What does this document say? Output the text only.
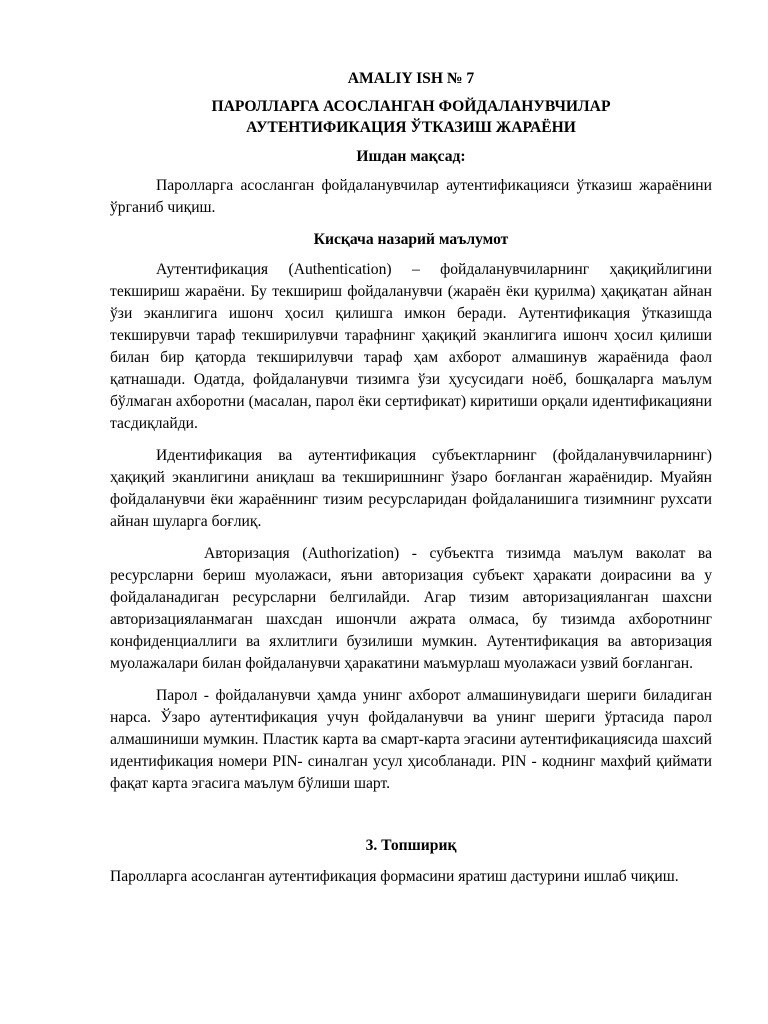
AMALIY ISH № 7
ПАРОЛЛАРГА АСОСЛАНГАН ФОЙДАЛАНУВЧИЛАР
АУТЕНТИФИКАЦИЯ ЎТКАЗИШ ЖАРАЁНИ
Ишдан мақсад:

Паролларга асосланган фойдаланувчилар аутентификацияси ўтказиш жараёнини ўрганиб чиқиш.

Кисқача назарий маълумот

Аутентификация (Authentication) – фойдаланувчиларнинг ҳақиқийлигини текшириш жараёни. Бу текшириш фойдаланувчи (жараён ёки қурилма) ҳақиқатан айнан ўзи эканлигига ишонч ҳосил қилишга имкон беради. Аутентификация ўтказишда текширувчи тараф текширилувчи тарафнинг ҳақиқий эканлигига ишонч ҳосил қилиши билан бир қаторда текширилувчи тараф ҳам ахборот алмашинув жараёнида фаол қатнашади. Одатда, фойдаланувчи тизимга ўзи ҳусусидаги ноёб, бошқаларга маълум бўлмаган ахборотни (масалан, парол ёки сертификат) киритиши орқали идентификацияни тасдиқлайди.

Идентификация ва аутентификация субъектларнинг (фойдаланувчиларнинг) ҳақиқий эканлигини аниқлаш ва текширишнинг ўзаро боғланган жараёнидир. Муайян фойдаланувчи ёки жараённинг тизим ресурсларидан фойдаланишига тизимнинг рухсати айнан шуларга боғлиқ.

Авторизация (Authorization) - субъектга тизимда маълум ваколат ва ресурсларни бериш муолажаси, яъни авторизация субъект ҳаракати доирасини ва у фойдаланадиган ресурсларни белгилайди. Агар тизим авторизацияланган шахсни авторизацияланмаган шахсдан ишончли ажрата олмаса, бу тизимда ахборотнинг конфиденциаллиги ва яхлитлиги бузилиши мумкин. Аутентификация ва авторизация муолажалари билан фойдаланувчи ҳаракатини маъмурлаш муолажаси узвий боғланган.

Парол - фойдаланувчи ҳамда унинг ахборот алмашинувидаги шериги биладиган нарса. Ўзаро аутентификация учун фойдаланувчи ва унинг шериги ўртасида парол алмашиниши мумкин. Пластик карта ва смарт-карта эгасини аутентификациясида шахсий идентификация номери PIN- синалган усул ҳисобланади. PIN - коднинг махфий қиймати фақат карта эгасига маълум бўлиши шарт.

3. Топшириқ

Паролларга асосланган аутентификация формасини яратиш дастурини ишлаб чиқиш.
